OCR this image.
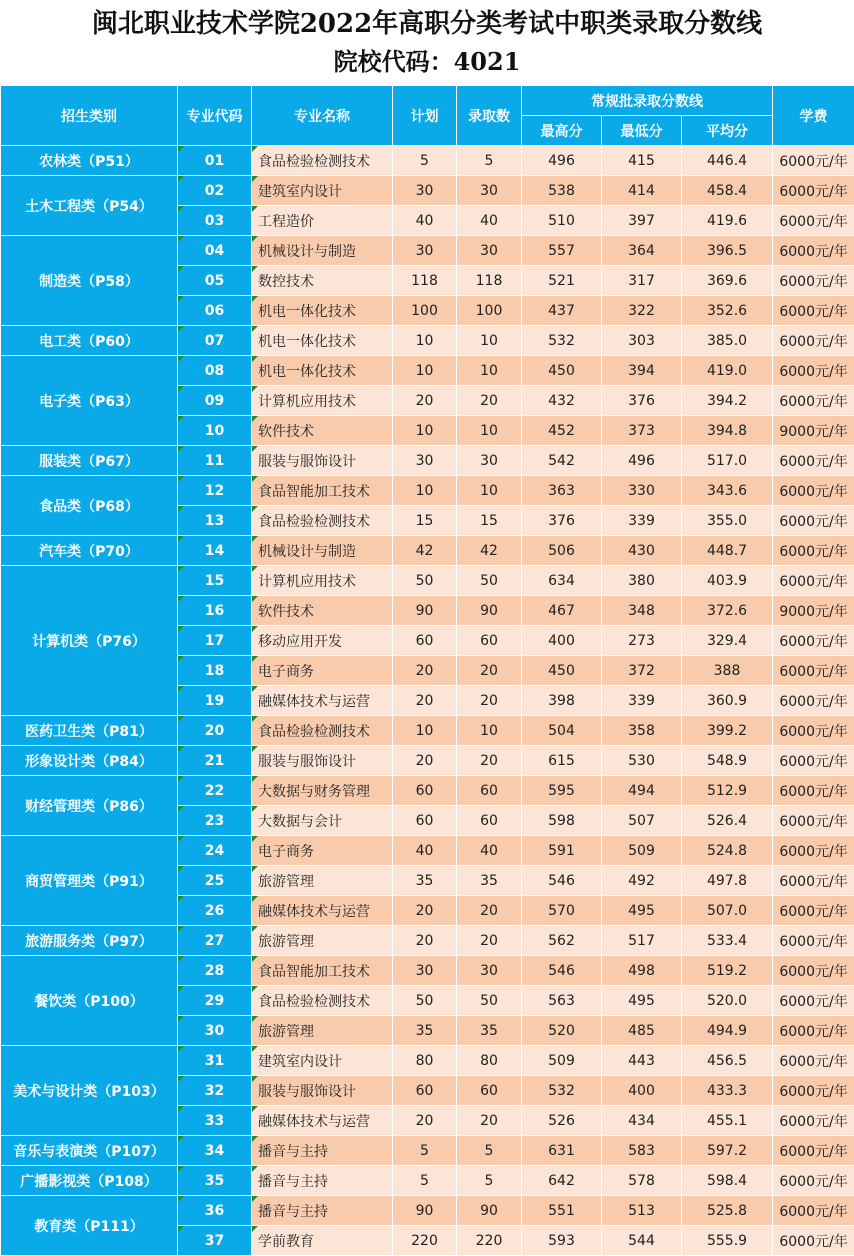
闽北职业技术学院2022年高职分类考试中职类录取分数线
院校代码：4021
招生类别	专业代码	专业名称	计划	录取数	常规批录取分数线			学费
					最高分	最低分	平均分	
农林类（P51）	01	食品检验检测技术	5	5	496	415	446.4	6000元/年
土木工程类（P54）	02	建筑室内设计	30	30	538	414	458.4	6000元/年
	03	工程造价	40	40	510	397	419.6	6000元/年
制造类（P58）	04	机械设计与制造	30	30	557	364	396.5	6000元/年
	05	数控技术	118	118	521	317	369.6	6000元/年
	06	机电一体化技术	100	100	437	322	352.6	6000元/年
电工类（P60）	07	机电一体化技术	10	10	532	303	385.0	6000元/年
电子类（P63）	08	机电一体化技术	10	10	450	394	419.0	6000元/年
	09	计算机应用技术	20	20	432	376	394.2	6000元/年
	10	软件技术	10	10	452	373	394.8	9000元/年
服装类（P67）	11	服装与服饰设计	30	30	542	496	517.0	6000元/年
食品类（P68）	12	食品智能加工技术	10	10	363	330	343.6	6000元/年
	13	食品检验检测技术	15	15	376	339	355.0	6000元/年
汽车类（P70）	14	机械设计与制造	42	42	506	430	448.7	6000元/年
计算机类（P76）	15	计算机应用技术	50	50	634	380	403.9	6000元/年
	16	软件技术	90	90	467	348	372.6	9000元/年
	17	移动应用开发	60	60	400	273	329.4	6000元/年
	18	电子商务	20	20	450	372	388	6000元/年
	19	融媒体技术与运营	20	20	398	339	360.9	6000元/年
医药卫生类（P81）	20	食品检验检测技术	10	10	504	358	399.2	6000元/年
形象设计类（P84）	21	服装与服饰设计	20	20	615	530	548.9	6000元/年
财经管理类（P86）	22	大数据与财务管理	60	60	595	494	512.9	6000元/年
	23	大数据与会计	60	60	598	507	526.4	6000元/年
商贸管理类（P91）	24	电子商务	40	40	591	509	524.8	6000元/年
	25	旅游管理	35	35	546	492	497.8	6000元/年
	26	融媒体技术与运营	20	20	570	495	507.0	6000元/年
旅游服务类（P97）	27	旅游管理	20	20	562	517	533.4	6000元/年
餐饮类（P100）	28	食品智能加工技术	30	30	546	498	519.2	6000元/年
	29	食品检验检测技术	50	50	563	495	520.0	6000元/年
	30	旅游管理	35	35	520	485	494.9	6000元/年
美术与设计类（P103）	31	建筑室内设计	80	80	509	443	456.5	6000元/年
	32	服装与服饰设计	60	60	532	400	433.3	6000元/年
	33	融媒体技术与运营	20	20	526	434	455.1	6000元/年
音乐与表演类（P107）	34	播音与主持	5	5	631	583	597.2	6000元/年
广播影视类（P108）	35	播音与主持	5	5	642	578	598.4	6000元/年
教育类（P111）	36	播音与主持	90	90	551	513	525.8	6000元/年
	37	学前教育	220	220	593	544	555.9	6000元/年
